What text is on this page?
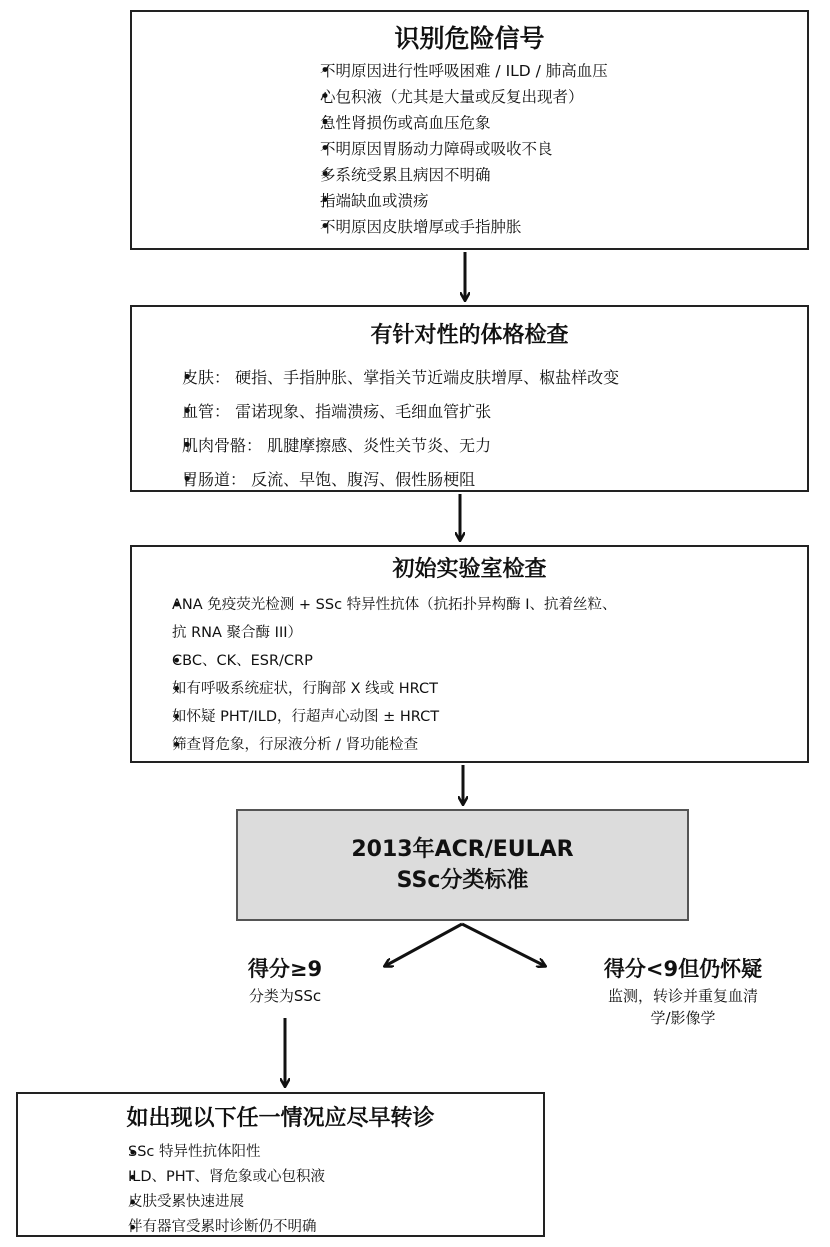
识别危险信号
• 不明原因进行性呼吸困难 / ILD / 肺高血压
• 心包积液（尤其是大量或反复出现者）
• 急性肾损伤或高血压危象
• 不明原因胃肠动力障碍或吸收不良
• 多系统受累且病因不明确
• 指端缺血或溃疡
• 不明原因皮肤增厚或手指肿胀
有针对性的体格检查
• 皮肤： 硬指、手指肿胀、掌指关节近端皮肤增厚、椒盐样改变
• 血管： 雷诺现象、指端溃疡、毛细血管扩张
• 肌肉骨骼： 肌腱摩擦感、炎性关节炎、无力
• 胃肠道： 反流、早饱、腹泻、假性肠梗阻
初始实验室检查
• ANA 免疫荧光检测 + SSc 特异性抗体（抗拓扑异构酶 I、抗着丝粒、
抗 RNA 聚合酶 III）
• CBC、CK、ESR/CRP
• 如有呼吸系统症状，行胸部 X 线或 HRCT
• 如怀疑 PHT/ILD，行超声心动图 ± HRCT
• 筛查肾危象，行尿液分析 / 肾功能检查
2013年ACR/EULAR
SSc分类标准
得分≥9
分类为SSc
得分<9但仍怀疑
监测，转诊并重复血清
学/影像学
如出现以下任一情况应尽早转诊
• SSc 特异性抗体阳性
• ILD、PHT、肾危象或心包积液
• 皮肤受累快速进展
• 伴有器官受累时诊断仍不明确
